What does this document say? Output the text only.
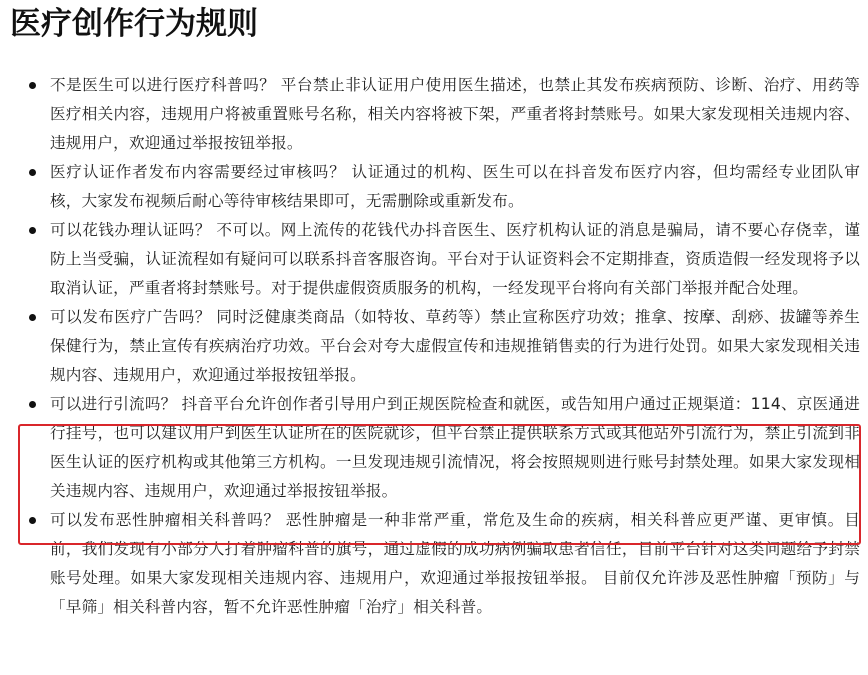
医疗创作行为规则
不是医生可以进行医疗科普吗？ 平台禁止非认证用户使用医生描述，也禁止其发布疾病预防、诊断、治疗、用药等医疗相关内容，违规用户将被重置账号名称，相关内容将被下架，严重者将封禁账号。如果大家发现相关违规内容、违规用户，欢迎通过举报按钮举报。
医疗认证作者发布内容需要经过审核吗？ 认证通过的机构、医生可以在抖音发布医疗内容，但均需经专业团队审核，大家发布视频后耐心等待审核结果即可，无需删除或重新发布。
可以花钱办理认证吗？ 不可以。网上流传的花钱代办抖音医生、医疗机构认证的消息是骗局，请不要心存侥幸，谨防上当受骗，认证流程如有疑问可以联系抖音客服咨询。平台对于认证资料会不定期排查，资质造假一经发现将予以取消认证，严重者将封禁账号。对于提供虚假资质服务的机构，一经发现平台将向有关部门举报并配合处理。
可以发布医疗广告吗？ 同时泛健康类商品（如特妆、草药等）禁止宣称医疗功效；推拿、按摩、刮痧、拔罐等养生保健行为，禁止宣传有疾病治疗功效。平台会对夸大虚假宣传和违规推销售卖的行为进行处罚。如果大家发现相关违规内容、违规用户，欢迎通过举报按钮举报。
可以进行引流吗？ 抖音平台允许创作者引导用户到正规医院检查和就医，或告知用户通过正规渠道：114、京医通进行挂号，也可以建议用户到医生认证所在的医院就诊，但平台禁止提供联系方式或其他站外引流行为，禁止引流到非医生认证的医疗机构或其他第三方机构。一旦发现违规引流情况，将会按照规则进行账号封禁处理。如果大家发现相关违规内容、违规用户，欢迎通过举报按钮举报。
可以发布恶性肿瘤相关科普吗？ 恶性肿瘤是一种非常严重，常危及生命的疾病，相关科普应更严谨、更审慎。目前，我们发现有小部分人打着肿瘤科普的旗号，通过虚假的成功病例骗取患者信任，目前平台针对这类问题给予封禁账号处理。如果大家发现相关违规内容、违规用户，欢迎通过举报按钮举报。 目前仅允许涉及恶性肿瘤「预防」与「早筛」相关科普内容，暂不允许恶性肿瘤「治疗」相关科普。
